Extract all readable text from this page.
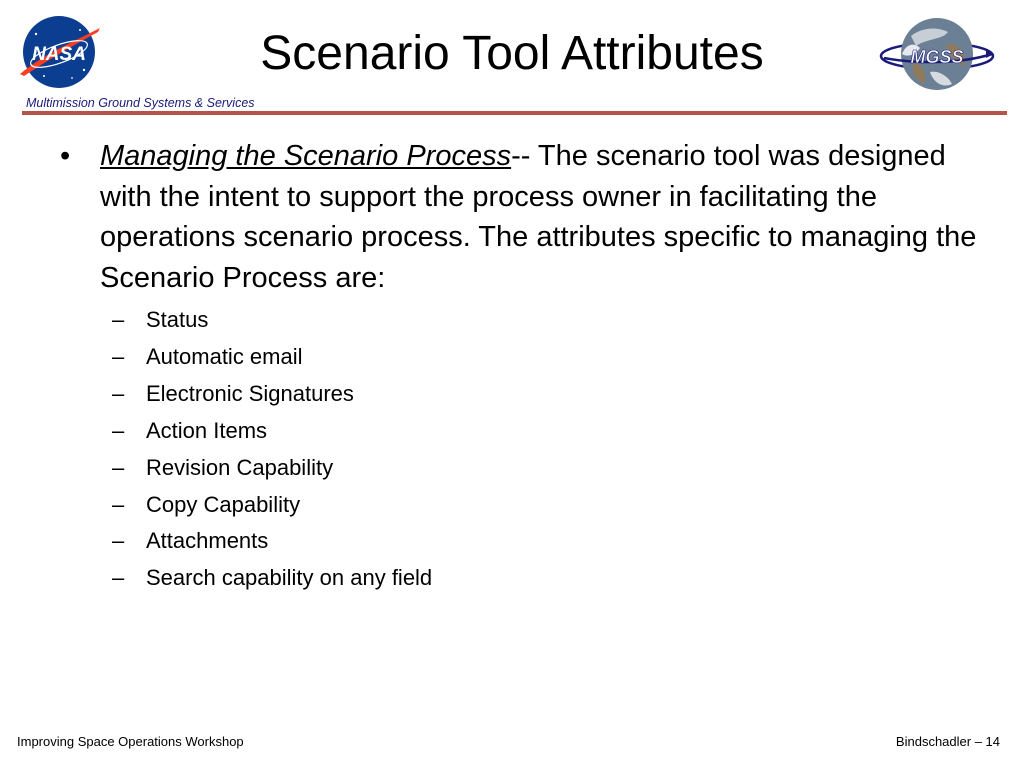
NASA	Scenario Tool Attributes	MGSS
Multimission Ground Systems & Services
• Managing the Scenario Process-- The scenario tool was designed with the intent to support the process owner in facilitating the operations scenario process. The attributes specific to managing the Scenario Process are:
– Status
– Automatic email
– Electronic Signatures
– Action Items
– Revision Capability
– Copy Capability
– Attachments
– Search capability on any field
Improving Space Operations Workshop	Bindschadler – 14
